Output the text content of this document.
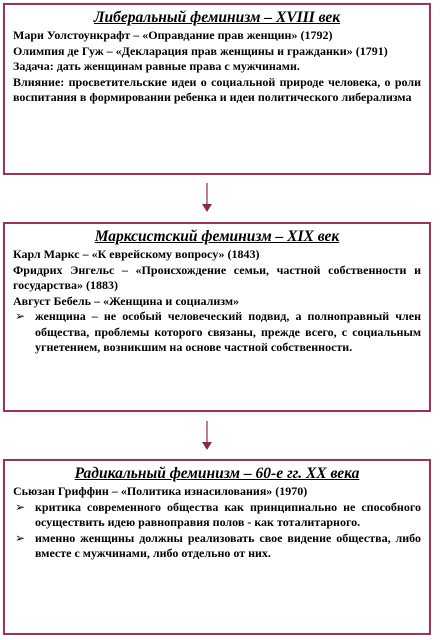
Либеральный феминизм – XVIII век
Мари Уолстоункрафт – «Оправдание прав женщин» (1792)
Олимпия де Гуж – «Декларация прав женщины и гражданки» (1791)
Задача: дать женщинам равные права с мужчинами.
Влияние: просветительские идеи о социальной природе человека, о роли воспитания в формировании ребенка и идеи политического либерализма
Марксистский феминизм – XIX век
Карл Маркс – «К еврейскому вопросу» (1843)
Фридрих Энгельс – «Происхождение семьи, частной собственности и государства» (1883)
Август Бебель – «Женщина и социализм»
➢ женщина – не особый человеческий подвид, а полноправный член общества, проблемы которого связаны, прежде всего, с социальным угнетением, возникшим на основе частной собственности.
Радикальный феминизм – 60-е гг. XX века
Сьюзан Гриффин – «Политика изнасилования» (1970)
➢ критика современного общества как принципиально не способного осуществить идею равноправия полов - как тоталитарного.
➢ именно женщины должны реализовать свое видение общества, либо вместе с мужчинами, либо отдельно от них.
